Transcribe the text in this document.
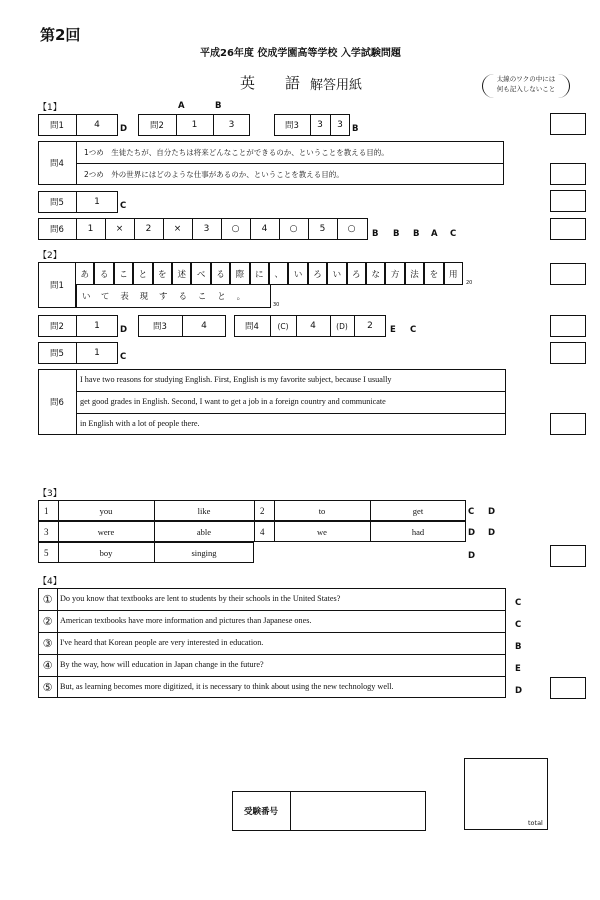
第2回
平成26年度 佼成学園高等学校 入学試験問題
英　　語 解答用紙	太線のワクの中には
何も記入しないこと
【1】	A	B
問1	4	D	問2	1	3	問3	3	3	B
問4
1つめ　生徒たちが、自分たちは将来どんなことができるのか、ということを教える目的。
2つめ　外の世界にはどのような仕事があるのか、ということを教える目的。
問5	1	C
問6	1	×	2	×	3	○	4	○	5	○	B B B A C
【2】
問1
あ	る	こ	と	を	述	べ	る	際	に	、	い	ろ	い	ろ	な	方	法	を	用
い	て	表	現	す	る	こ	と	。
20
30
問2	1	D	問3	4	問4	(C)	4	(D)	2	E C
問5	1	C
問6
I have two reasons for studying English. First, English is my favorite subject, because I usually
get good grades in English. Second, I want to get a job in a foreign country and communicate
in English with a lot of people there.
【3】
1	you	like	2	to	get	C D
3	were	able	4	we	had	D D
5	boy	singing	D
【4】
① Do you know that textbooks are lent to students by their schools in the United States?	C
② American textbooks have more information and pictures than Japanese ones.	C
③ I've heard that Korean people are very interested in education.	B
④ By the way, how will education in Japan change in the future?	E
⑤ But, as learning becomes more digitized, it is necessary to think about using the new technology well.	D
受験番号
total
